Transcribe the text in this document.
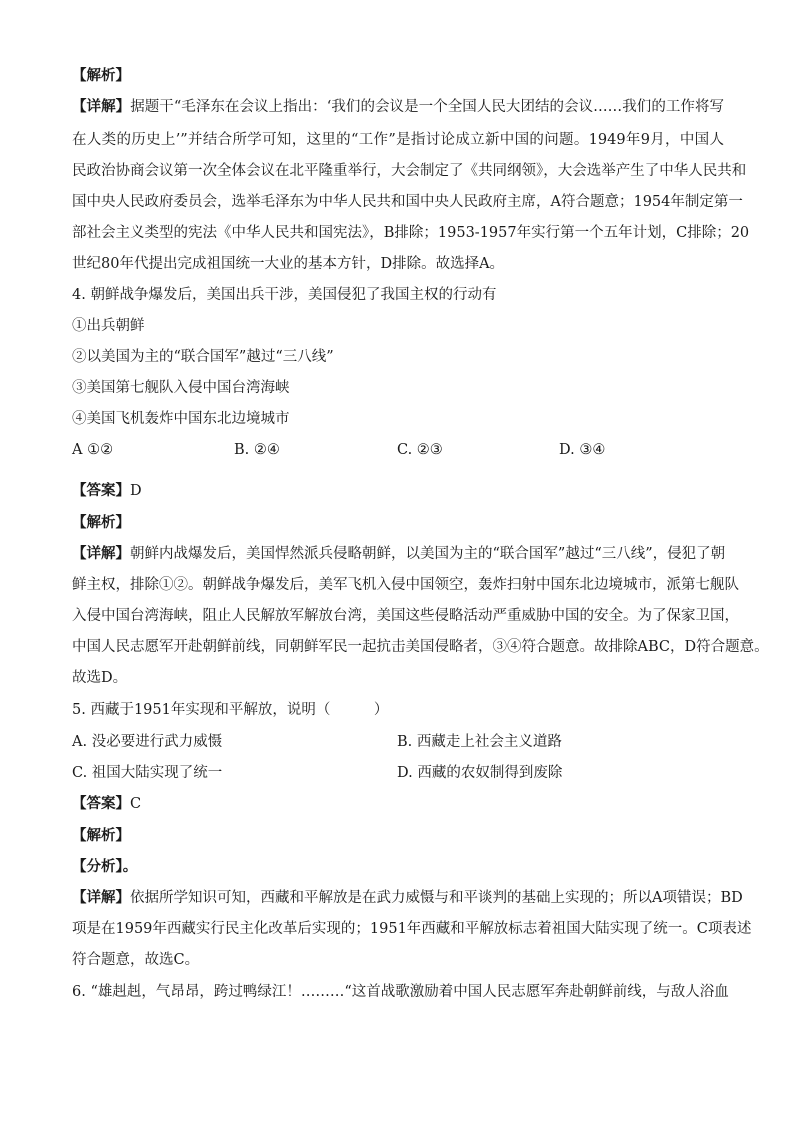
【解析】
【详解】据题干“毛泽东在会议上指出：‘我们的会议是一个全国人民大团结的会议……我们的工作将写
在人类的历史上’”并结合所学可知，这里的“工作”是指讨论成立新中国的问题。1949年9月，中国人
民政治协商会议第一次全体会议在北平隆重举行，大会制定了《共同纲领》，大会选举产生了中华人民共和
国中央人民政府委员会，选举毛泽东为中华人民共和国中央人民政府主席，A符合题意；1954年制定第一
部社会主义类型的宪法《中华人民共和国宪法》，B排除；1953-1957年实行第一个五年计划，C排除；20
世纪80年代提出完成祖国统一大业的基本方针，D排除。故选择A。
4. 朝鲜战争爆发后，美国出兵干涉，美国侵犯了我国主权的行动有
①出兵朝鲜
②以美国为主的“联合国军”越过“三八线”
③美国第七舰队入侵中国台湾海峡
④美国飞机轰炸中国东北边境城市
A ①②	B. ②④	C. ②③	D. ③④
【答案】D
【解析】
【详解】朝鲜内战爆发后，美国悍然派兵侵略朝鲜，以美国为主的“联合国军”越过“三八线”，侵犯了朝
鲜主权，排除①②。朝鲜战争爆发后，美军飞机入侵中国领空，轰炸扫射中国东北边境城市，派第七舰队
入侵中国台湾海峡，阻止人民解放军解放台湾，美国这些侵略活动严重威胁中国的安全。为了保家卫国，
中国人民志愿军开赴朝鲜前线，同朝鲜军民一起抗击美国侵略者，③④符合题意。故排除ABC，D符合题意。
故选D。
5. 西藏于1951年实现和平解放，说明（　　　）
A. 没必要进行武力威慑	B. 西藏走上社会主义道路
C. 祖国大陆实现了统一	D. 西藏的农奴制得到废除
【答案】C
【解析】
【分析】。
【详解】依据所学知识可知，西藏和平解放是在武力威慑与和平谈判的基础上实现的；所以A项错误；BD
项是在1959年西藏实行民主化改革后实现的；1951年西藏和平解放标志着祖国大陆实现了统一。C项表述
符合题意，故选C。
6. “雄赳赳，气昂昂，跨过鸭绿江！………“这首战歌激励着中国人民志愿军奔赴朝鲜前线，与敌人浴血
